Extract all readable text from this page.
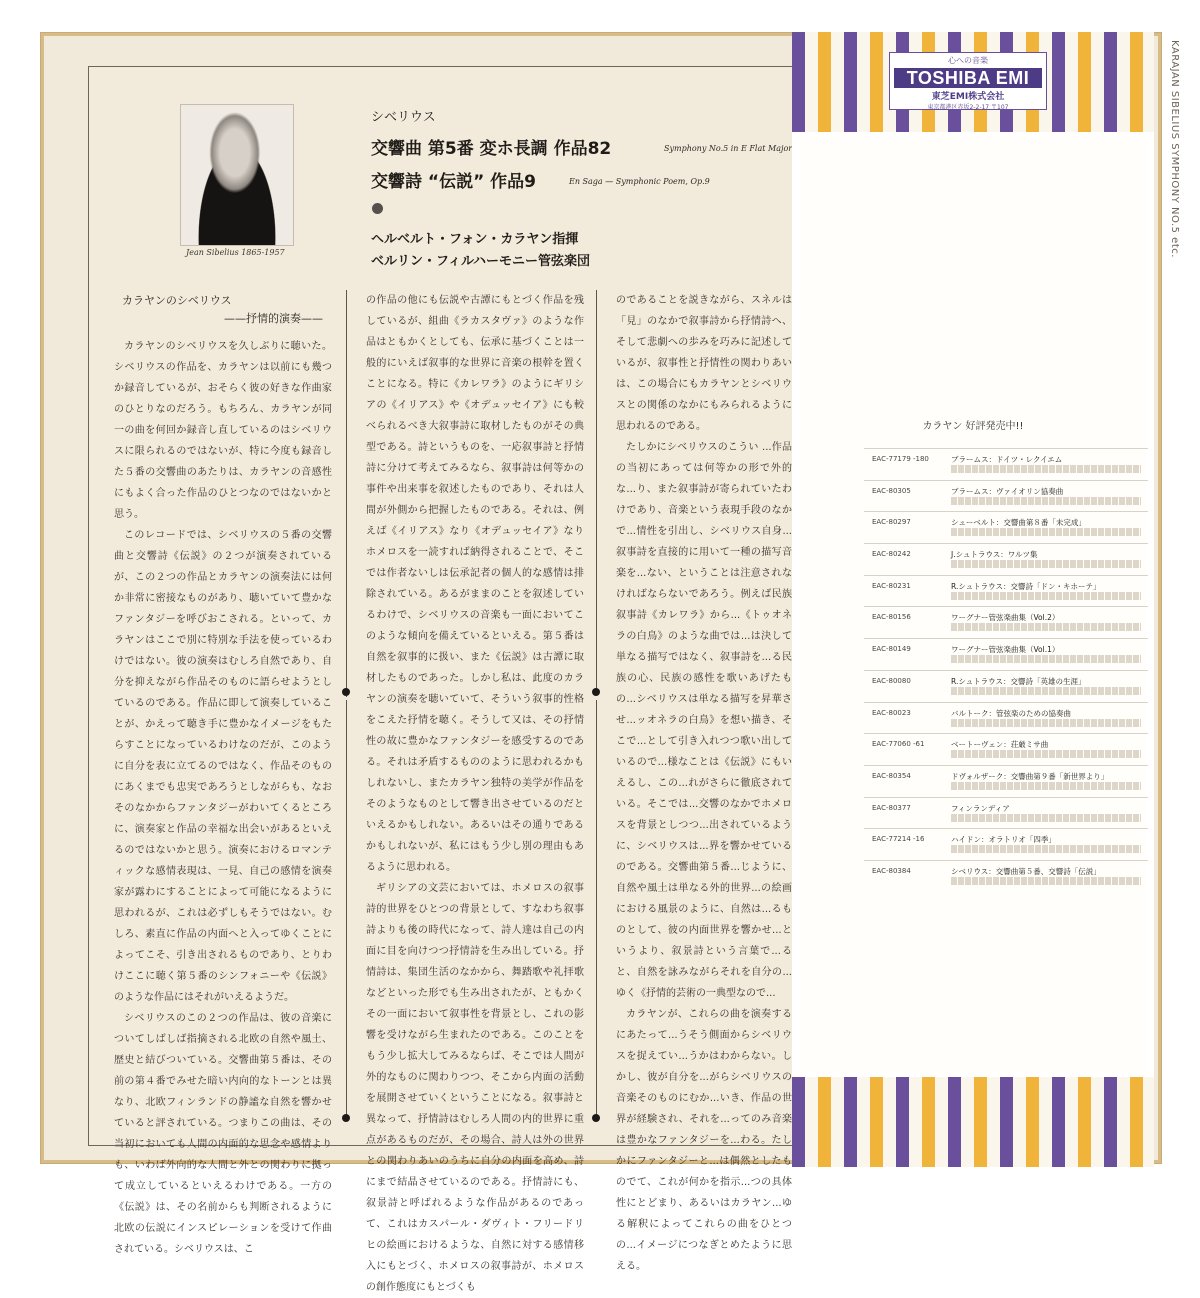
Jean Sibelius 1865-1957
シベリウス
交響曲 第5番 変ホ長調 作品82	Symphony No.5 in E Flat Major
交響詩 “伝説” 作品9	En Saga — Symphonic Poem, Op.9
ヘルベルト・フォン・カラヤン指揮
ベルリン・フィルハーモニー管弦楽団
カラヤンのシベリウス
——抒情的演奏——

カラヤンのシベリウスを久しぶりに聴いた。シベリウスの作品を、カラヤンは以前にも幾つか録音しているが、おそらく彼の好きな作曲家のひとりなのだろう。もちろん、カラヤンが同一の曲を何回か録音し直しているのはシベリウスに限られるのではないが、特に今度も録音した５番の交響曲のあたりは、カラヤンの音感性にもよく合った作品のひとつなのではないかと思う。

このレコードでは、シベリウスの５番の交響曲と交響詩《伝説》の２つが演奏されているが、この２つの作品とカラヤンの演奏法には何か非常に密接なものがあり、聴いていて豊かなファンタジーを呼びおこされる。といって、カラヤンはここで別に特別な手法を使っているわけではない。彼の演奏はむしろ自然であり、自分を抑えながら作品そのものに語らせようとしているのである。作品に即して演奏していることが、かえって聴き手に豊かなイメージをもたらすことになっているわけなのだが、このように自分を表に立てるのではなく、作品そのものにあくまでも忠実であろうとしながらも、なおそのなかからファンタジーがわいてくるところに、演奏家と作品の幸福な出会いがあるといえるのではないかと思う。演奏におけるロマンティックな感情表現は、一見、自己の感情を演奏家が露わにすることによって可能になるように思われるが、これは必ずしもそうではない。むしろ、素直に作品の内面へと入ってゆくことによってこそ、引き出されるものであり、とりわけここに聴く第５番のシンフォニーや《伝説》のような作品にはそれがいえるようだ。

シベリウスのこの２つの作品は、彼の音楽についてしばしば指摘される北欧の自然や風土、歴史と結びついている。交響曲第５番は、その前の第４番でみせた暗い内向的なトーンとは異なり、北欧フィンランドの静謐な自然を響かせていると評されている。つまりこの曲は、その当初においても人間の内面的な思念や感情よりも、いわば外向的な人間と外との関わりに拠って成立しているといえるわけである。一方の《伝説》は、その名前からも判断されるように北欧の伝説にインスピレーションを受けて作曲されている。シベリウスは、こ

の作品の他にも伝説や古譚にもとづく作品を残しているが、組曲《ラカスタヴァ》のような作品はともかくとしても、伝承に基づくことは一般的にいえば叙事的な世界に音楽の根幹を置くことになる。特に《カレワラ》のようにギリシアの《イリアス》や《オデュッセイア》にも較べられるべき大叙事詩に取材したものがその典型である。詩というものを、一応叙事詩と抒情詩に分けて考えてみるなら、叙事詩は何等かの事件や出来事を叙述したものであり、それは人間が外側から把握したものである。それは、例えば《イリアス》なり《オデュッセイア》なりホメロスを一読すれば納得されることで、そこでは作者ないしは伝承記者の個人的な感情は排除されている。あるがままのことを叙述しているわけで、シベリウスの音楽も一面においてこのような傾向を備えているといえる。第５番は自然を叙事的に扱い、また《伝説》は古譚に取材したものであった。しかし私は、此度のカラヤンの演奏を聴いていて、そういう叙事的性格をこえた抒情を聴く。そうして又は、その抒情性の故に豊かなファンタジーを感受するのである。それは矛盾するもののように思われるかもしれないし、またカラヤン独特の美学が作品をそのようなものとして響き出させているのだといえるかもしれない。あるいはその通りであるかもしれないが、私にはもう少し別の理由もあるように思われる。

ギリシアの文芸においては、ホメロスの叙事詩的世界をひとつの背景として、すなわち叙事詩よりも後の時代になって、詩人達は自己の内面に目を向けつつ抒情詩を生み出している。抒情詩は、集団生活のなかから、舞踏歌や礼拝歌などといった形でも生み出されたが、ともかくその一面において叙事性を背景とし、これの影響を受けながら生まれたのである。このことをもう少し拡大してみるならば、そこでは人間が外的なものに関わりつつ、そこから内面の活動を展開させていくということになる。叙事詩と異なって、抒情詩はむしろ人間の内的世界に重点があるものだが、その場合、詩人は外の世界との関わりあいのうちに自分の内面を高め、詩にまで結晶させているのである。抒情詩にも、叙景詩と呼ばれるような作品があるのであって、これはカスパール・ダヴィト・フリードリヒの絵画におけるような、自然に対する感情移入にもとづく、ホメロスの叙事詩が、ホメロスの創作態度にもとづくも

のであることを説きながら、スネルは「見」のなかで叙事詩から抒情詩へ、そして悲劇への歩みを巧みに記述しているが、叙事性と抒情性の関わりあいは、この場合にもカラヤンとシベリウスとの関係のなかにもみられるように思われるのである。

たしかにシベリウスのこうい ...作品の当初にあっては何等かの形で外的な...り、また叙事詩が寄られていたわけであり、音楽という表現手段のなかで...情性を引出し、シベリウス自身...叙事詩を直接的に用いて一種の描写音楽を...ない、ということは注意されなければならないであろう。例えば民族叙事詩《カレワラ》から...《トゥオネラの白鳥》のような曲では...は決して単なる描写ではなく、叙事詩を...る民族の心、民族の感性を歌いあげたもの...シベリウスは単なる描写を昇華させ...ッオネラの白鳥》を想い描き、そこで...として引き入れつつ歌い出しているので...様なことは《伝説》にもいえるし、この...れがさらに徹底されている。そこでは...交響のなかでホメロスを背景としつつ...出されているように、シベリウスは...界を響かせているのである。交響曲第５番...じように、自然や風土は単なる外的世界...の絵画における風景のように、自然は...るものとして、彼の内面世界を響かせ...というより、叙景詩という言葉で...ると、自然を詠みながらそれを自分の...ゆく《抒情的芸術の一典型なので...

カラヤンが、これらの曲を演奏するにあたって...うそう側面からシベリウスを捉えてい...うかはわからない。しかし、彼が自分を...がらシベリウスの音楽そのものにむか...いき、作品の世界が経験され、それを...ってのみ音楽は豊かなファンタジーを...わる。たしかにファンタジーと...は偶然としたものでて、これが何かを指示...つの具体性にとどまり、あるいはカラヤン...ゆる解釈によってこれらの曲をひとつの...イメージにつなぎとめたように思える。

心への音楽
TOSHIBA EMI
東芝EMI株式会社
東京都港区赤坂2-2-17 〒107
カラヤン 好評発売中!!
EAC-77179 -180	ブラームス：ドイツ・レクイエム
EAC-80305	ブラームス：ヴァイオリン協奏曲
EAC-80297	シューベルト：交響曲第８番「未完成」
EAC-80242	J.シュトラウス：ワルツ集
EAC-80231	R.シュトラウス：交響詩「ドン・キホーテ」
EAC-80156	ワーグナー管弦楽曲集（Vol.2）
EAC-80149	ワーグナー管弦楽曲集（Vol.1）
EAC-80080	R.シュトラウス：交響詩「英雄の生涯」
EAC-80023	バルトーク：管弦楽のための協奏曲
EAC-77060 -61	ベートーヴェン：荘厳ミサ曲
EAC-80354	ドヴォルザーク：交響曲第９番「新世界より」
EAC-80377	フィンランディア
EAC-77214 -16	ハイドン：オラトリオ「四季」
EAC-80384	シベリウス：交響曲第５番、交響詩「伝説」
KARAJAN SIBELIUS SYMPHONY NO.5 etc.
